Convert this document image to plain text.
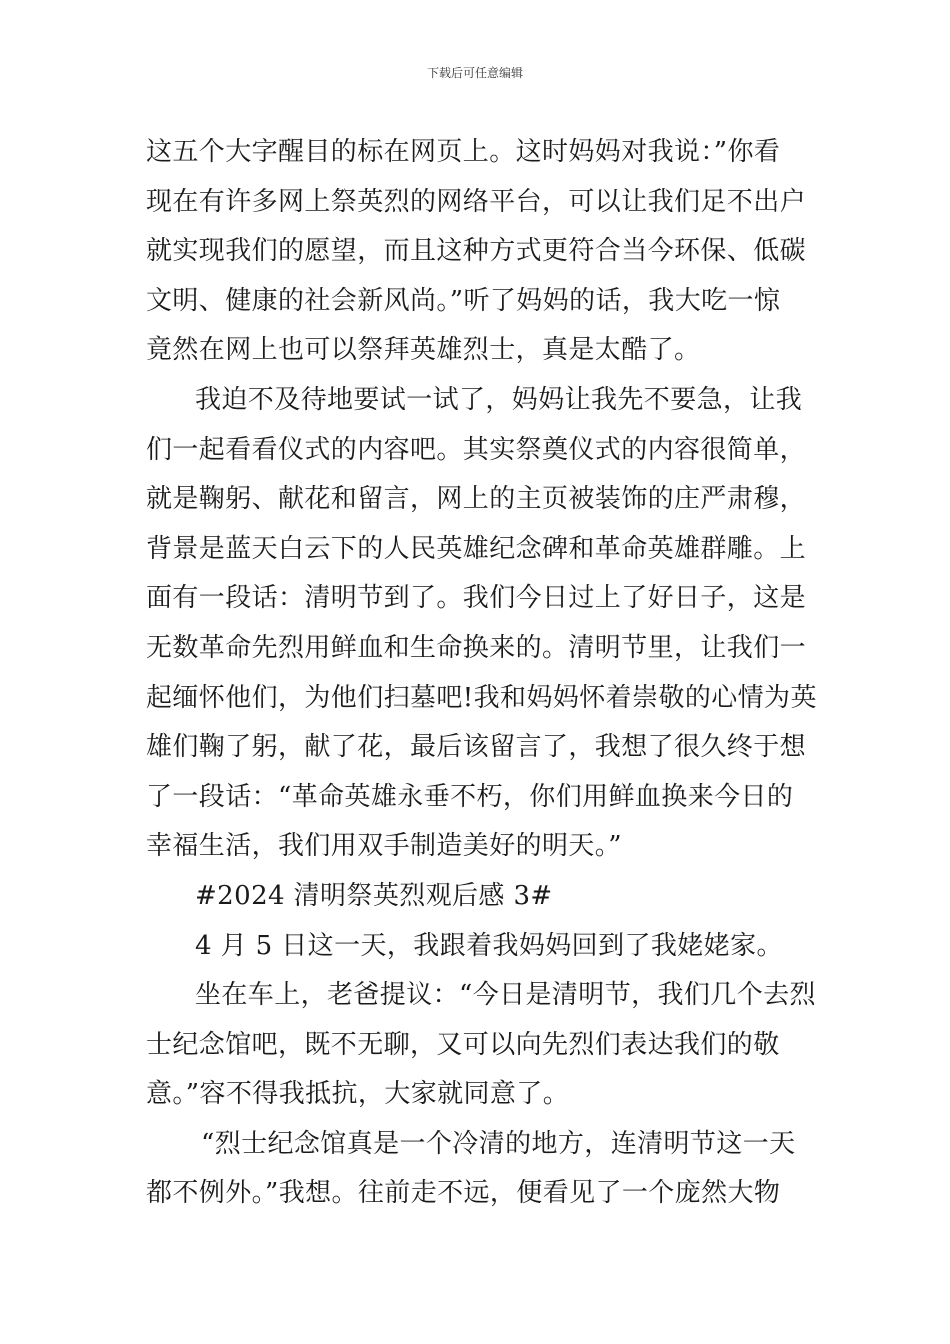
下载后可任意编辑
这五个大字醒目的标在网页上。这时妈妈对我说：”你看
现在有许多网上祭英烈的网络平台，可以让我们足不出户
就实现我们的愿望，而且这种方式更符合当今环保、低碳
文明、健康的社会新风尚。”听了妈妈的话，我大吃一惊
竟然在网上也可以祭拜英雄烈士，真是太酷了。
我迫不及待地要试一试了，妈妈让我先不要急，让我
们一起看看仪式的内容吧。其实祭奠仪式的内容很简单，
就是鞠躬、献花和留言，网上的主页被装饰的庄严肃穆，
背景是蓝天白云下的人民英雄纪念碑和革命英雄群雕。上
面有一段话：清明节到了。我们今日过上了好日子，这是
无数革命先烈用鲜血和生命换来的。清明节里，让我们一
起缅怀他们，为他们扫墓吧!我和妈妈怀着崇敬的心情为英
雄们鞠了躬，献了花，最后该留言了，我想了很久终于想
了一段话：“革命英雄永垂不朽，你们用鲜血换来今日的
幸福生活，我们用双手制造美好的明天。”
#2024 清明祭英烈观后感 3#
4 月 5 日这一天，我跟着我妈妈回到了我姥姥家。
坐在车上，老爸提议：“今日是清明节，我们几个去烈
士纪念馆吧，既不无聊，又可以向先烈们表达我们的敬
意。”容不得我抵抗，大家就同意了。
“烈士纪念馆真是一个冷清的地方，连清明节这一天
都不例外。”我想。往前走不远，便看见了一个庞然大物
